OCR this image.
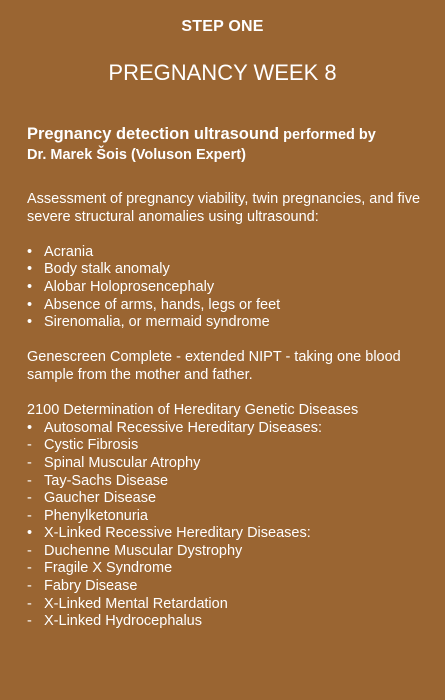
STEP ONE
PREGNANCY WEEK 8
Pregnancy detection ultrasound performed by
Dr. Marek Šois (Voluson Expert)

Assessment of pregnancy viability, twin pregnancies, and five severe structural anomalies using ultrasound:

• Acrania
• Body stalk anomaly
• Alobar Holoprosencephaly
• Absence of arms, hands, legs or feet
• Sirenomalia, or mermaid syndrome

Genescreen Complete - extended NIPT - taking one blood sample from the mother and father.

2100 Determination of Hereditary Genetic Diseases

• Autosomal Recessive Hereditary Diseases:
- Cystic Fibrosis
- Spinal Muscular Atrophy
- Tay-Sachs Disease
- Gaucher Disease
- Phenylketonuria
• X-Linked Recessive Hereditary Diseases:
- Duchenne Muscular Dystrophy
- Fragile X Syndrome
- Fabry Disease
- X-Linked Mental Retardation
- X-Linked Hydrocephalus
